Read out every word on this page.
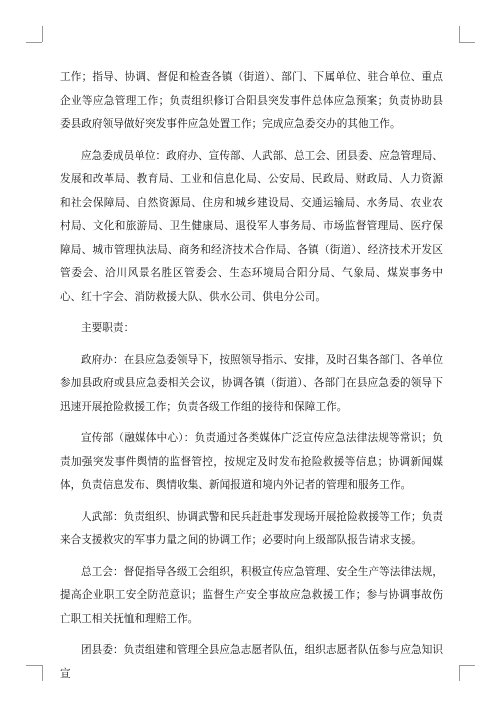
工作；指导、协调、督促和检查各镇（街道）、部门、下属单位、驻合单位、重点企业等应急管理工作；负责组织修订合阳县突发事件总体应急预案；负责协助县委县政府领导做好突发事件应急处置工作；完成应急委交办的其他工作。

应急委成员单位：政府办、宣传部、人武部、总工会、团县委、应急管理局、发展和改革局、教育局、工业和信息化局、公安局、民政局、财政局、人力资源和社会保障局、自然资源局、住房和城乡建设局、交通运输局、水务局、农业农村局、文化和旅游局、卫生健康局、退役军人事务局、市场监督管理局、医疗保障局、城市管理执法局、商务和经济技术合作局、各镇（街道）、经济技术开发区管委会、洽川风景名胜区管委会、生态环境局合阳分局、气象局、煤炭事务中心、红十字会、消防救援大队、供水公司、供电分公司。

主要职责：

政府办：在县应急委领导下，按照领导指示、安排，及时召集各部门、各单位参加县政府或县应急委相关会议，协调各镇（街道）、各部门在县应急委的领导下迅速开展抢险救援工作；负责各级工作组的接待和保障工作。

宣传部（融媒体中心）：负责通过各类媒体广泛宣传应急法律法规等常识；负责加强突发事件舆情的监督管控，按规定及时发布抢险救援等信息；协调新闻媒体，负责信息发布、舆情收集、新闻报道和境内外记者的管理和服务工作。

人武部：负责组织、协调武警和民兵赶赴事发现场开展抢险救援等工作；负责来合支援救灾的军事力量之间的协调工作；必要时向上级部队报告请求支援。

总工会：督促指导各级工会组织，积极宣传应急管理、安全生产等法律法规，提高企业职工安全防范意识；监督生产安全事故应急救援工作；参与协调事故伤亡职工相关抚恤和理赔工作。

团县委：负责组建和管理全县应急志愿者队伍，组织志愿者队伍参与应急知识宣
